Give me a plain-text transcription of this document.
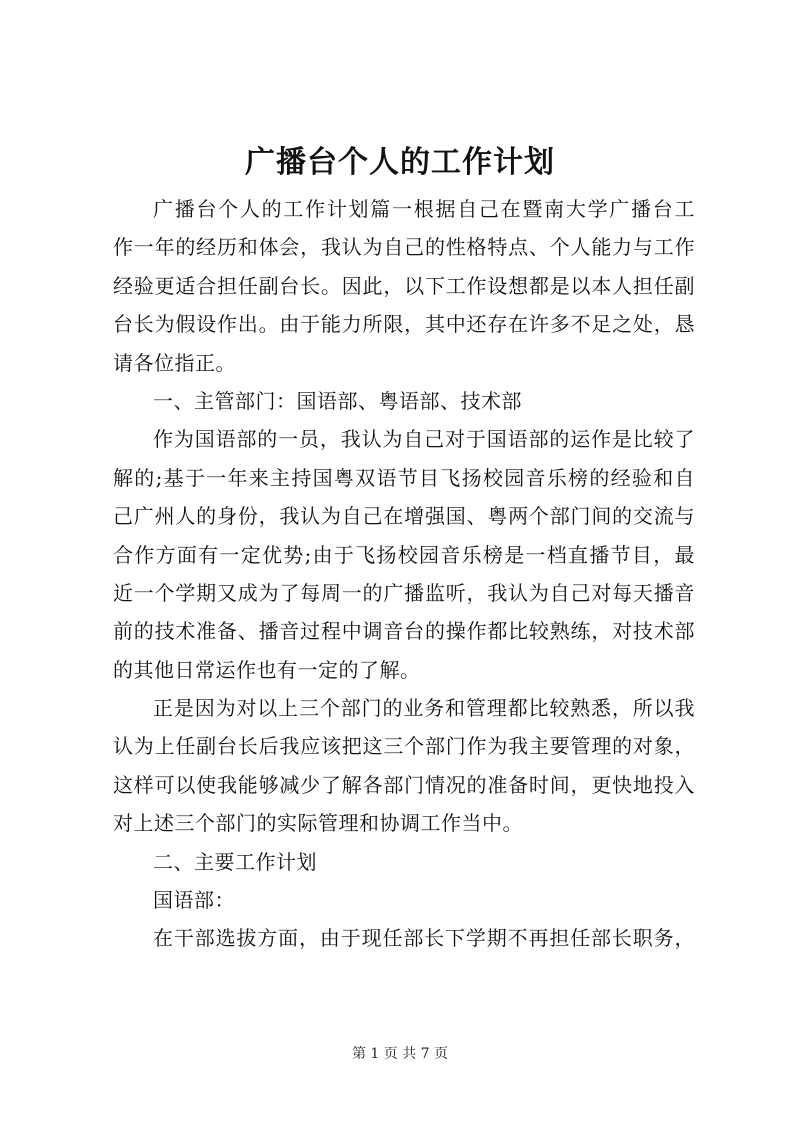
广播台个人的工作计划
广播台个人的工作计划篇一根据自己在暨南大学广播台工
作一年的经历和体会，我认为自己的性格特点、个人能力与工作
经验更适合担任副台长。因此，以下工作设想都是以本人担任副
台长为假设作出。由于能力所限，其中还存在许多不足之处，恳
请各位指正。
一、主管部门：国语部、粤语部、技术部
作为国语部的一员，我认为自己对于国语部的运作是比较了
解的;基于一年来主持国粤双语节目飞扬校园音乐榜的经验和自
己广州人的身份，我认为自己在增强国、粤两个部门间的交流与
合作方面有一定优势;由于飞扬校园音乐榜是一档直播节目，最
近一个学期又成为了每周一的广播监听，我认为自己对每天播音
前的技术准备、播音过程中调音台的操作都比较熟练，对技术部
的其他日常运作也有一定的了解。
正是因为对以上三个部门的业务和管理都比较熟悉，所以我
认为上任副台长后我应该把这三个部门作为我主要管理的对象，
这样可以使我能够减少了解各部门情况的准备时间，更快地投入
对上述三个部门的实际管理和协调工作当中。
二、主要工作计划
国语部：
在干部选拔方面，由于现任部长下学期不再担任部长职务，
第 1 页 共 7 页
